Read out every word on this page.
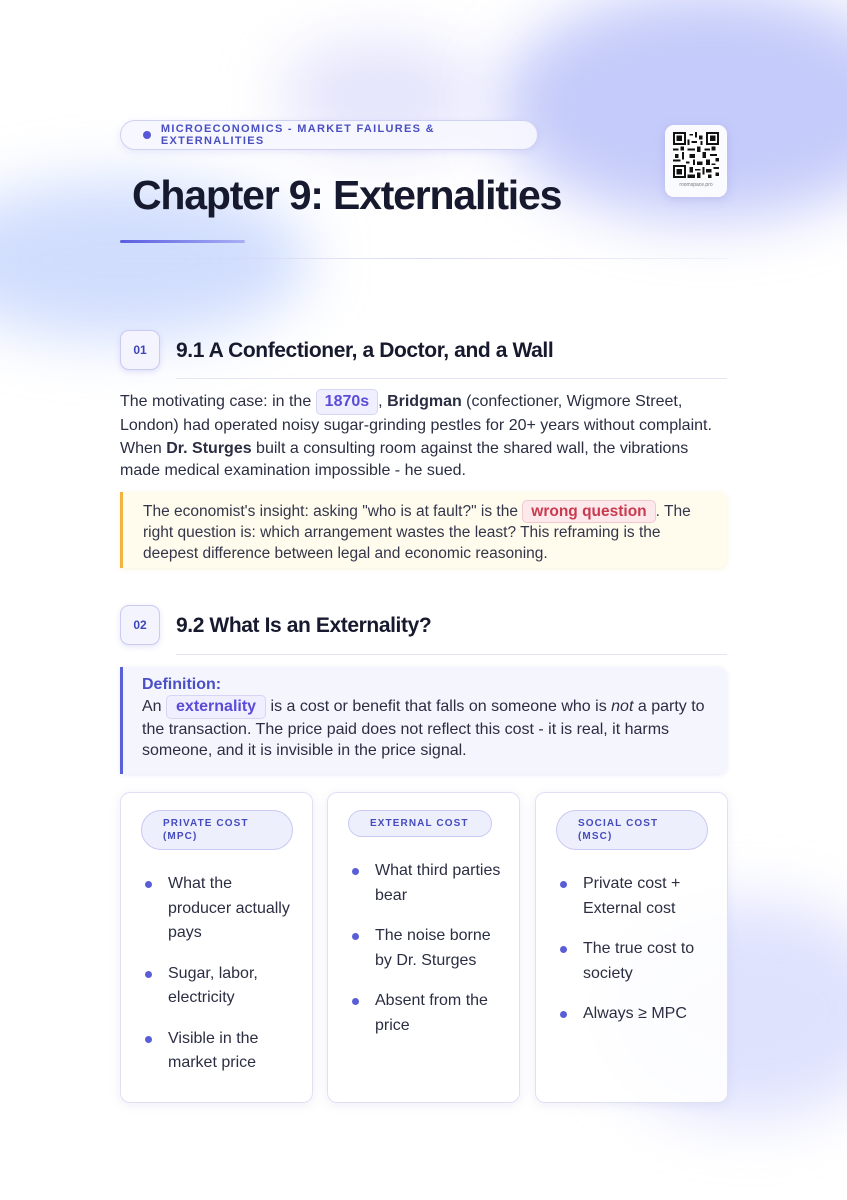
MICROECONOMICS - MARKET FAILURES & EXTERNALITIES
roomspace.pro
Chapter 9: Externalities
01	9.1 A Confectioner, a Doctor, and a Wall
The motivating case: in the 1870s , Bridgman (confectioner, Wigmore Street, London) had operated noisy sugar-grinding pestles for 20+ years without complaint. When Dr. Sturges built a consulting room against the shared wall, the vibrations made medical examination impossible - he sued.
The economist's insight: asking "who is at fault?" is the wrong question . The right question is: which arrangement wastes the least? This reframing is the deepest difference between legal and economic reasoning.
02	9.2 What Is an Externality?
Definition:
An externality is a cost or benefit that falls on someone who is not a party to the transaction. The price paid does not reflect this cost - it is real, it harms someone, and it is invisible in the price signal.
PRIVATE COST
(MPC)
What the producer actually pays
Sugar, labor, electricity
Visible in the market price
EXTERNAL COST
What third parties bear
The noise borne by Dr. Sturges
Absent from the price
SOCIAL COST
(MSC)
Private cost + External cost
The true cost to society
Always ≥ MPC
